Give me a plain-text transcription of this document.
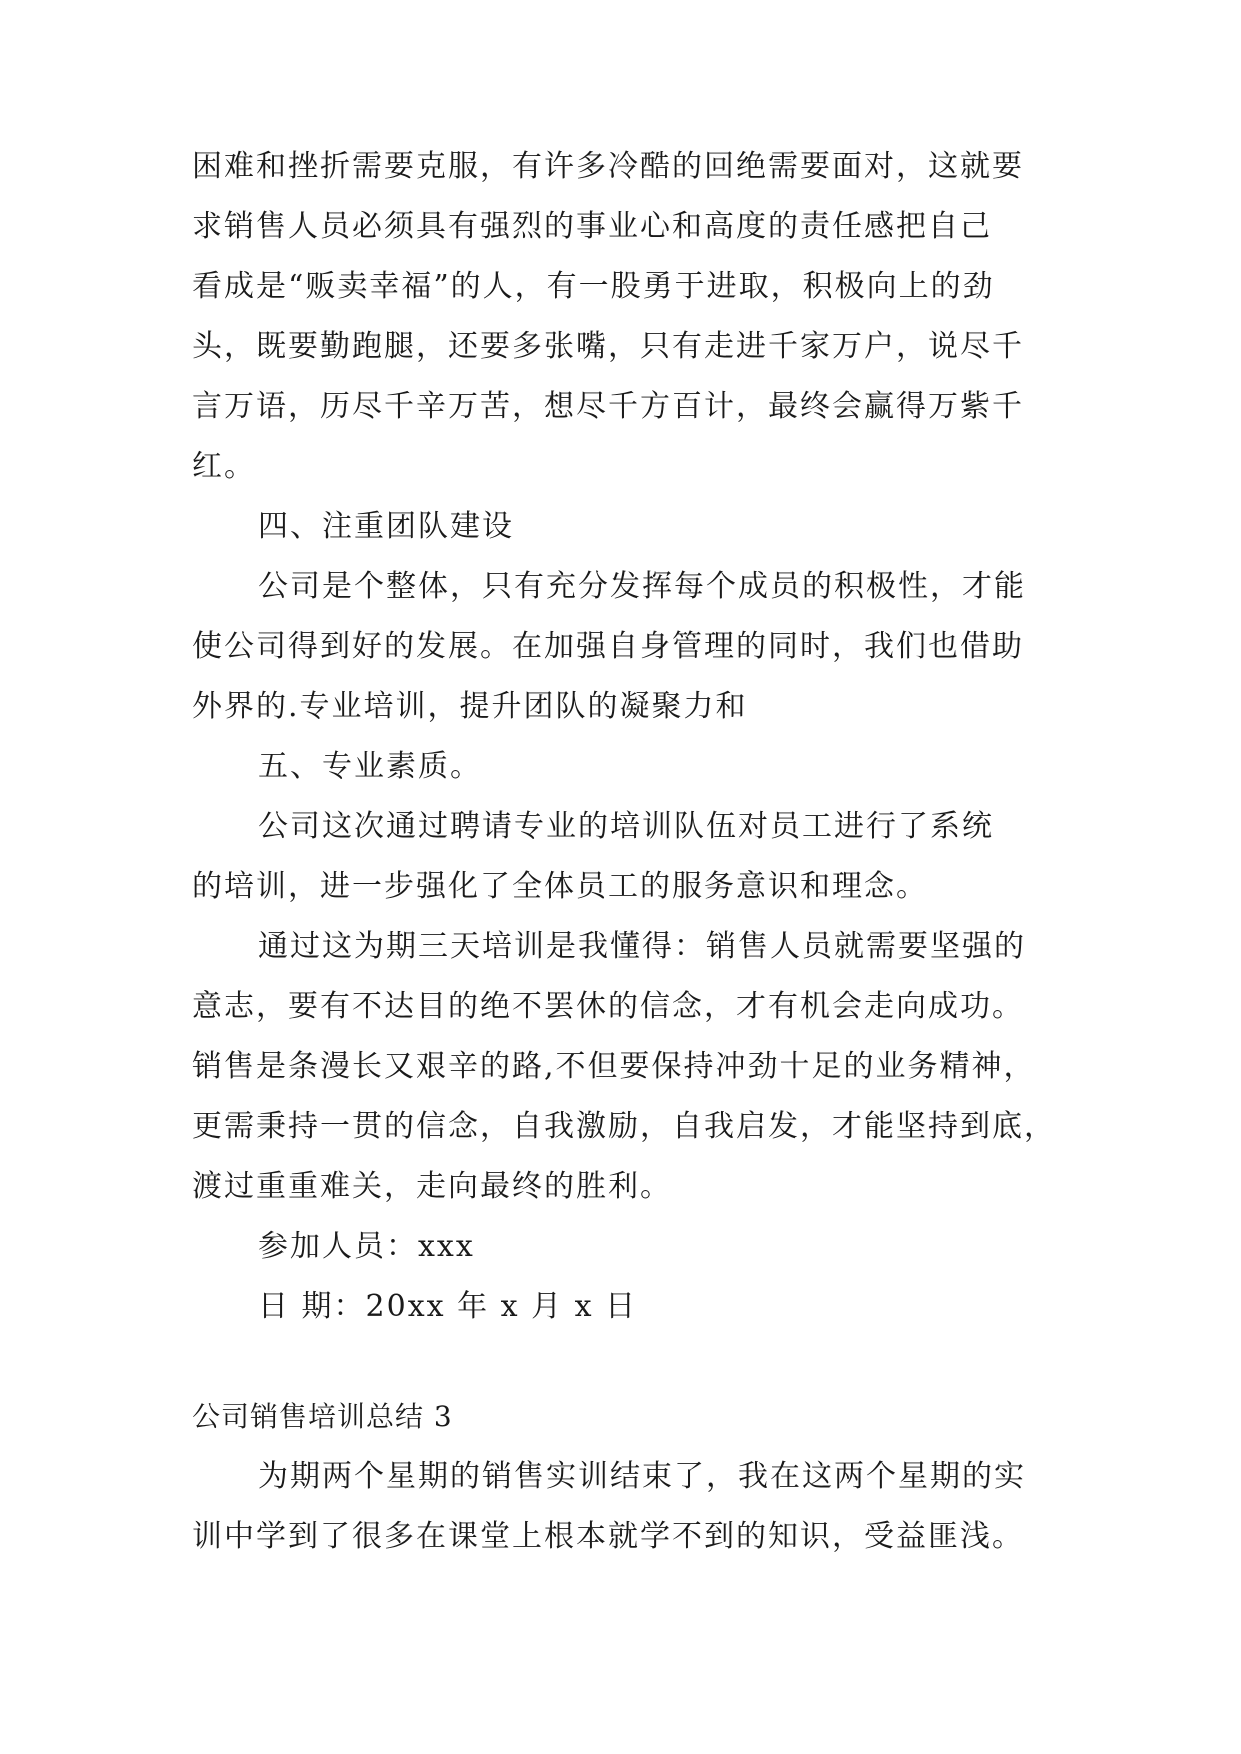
困难和挫折需要克服，有许多冷酷的回绝需要面对，这就要
求销售人员必须具有强烈的事业心和高度的责任感把自己
看成是“贩卖幸福”的人，有一股勇于进取，积极向上的劲
头，既要勤跑腿，还要多张嘴，只有走进千家万户，说尽千
言万语，历尽千辛万苦，想尽千方百计，最终会赢得万紫千
红。
四、注重团队建设
公司是个整体，只有充分发挥每个成员的积极性，才能
使公司得到好的发展。在加强自身管理的同时，我们也借助
外界的.专业培训，提升团队的凝聚力和
五、专业素质。
公司这次通过聘请专业的培训队伍对员工进行了系统
的培训，进一步强化了全体员工的服务意识和理念。
通过这为期三天培训是我懂得：销售人员就需要坚强的
意志，要有不达目的绝不罢休的信念，才有机会走向成功。
销售是条漫长又艰辛的路,不但要保持冲劲十足的业务精神，
更需秉持一贯的信念，自我激励，自我启发，才能坚持到底，
渡过重重难关，走向最终的胜利。
参加人员：xxx
日 期：20xx 年 x 月 x 日
公司销售培训总结 3
为期两个星期的销售实训结束了，我在这两个星期的实
训中学到了很多在课堂上根本就学不到的知识，受益匪浅。
